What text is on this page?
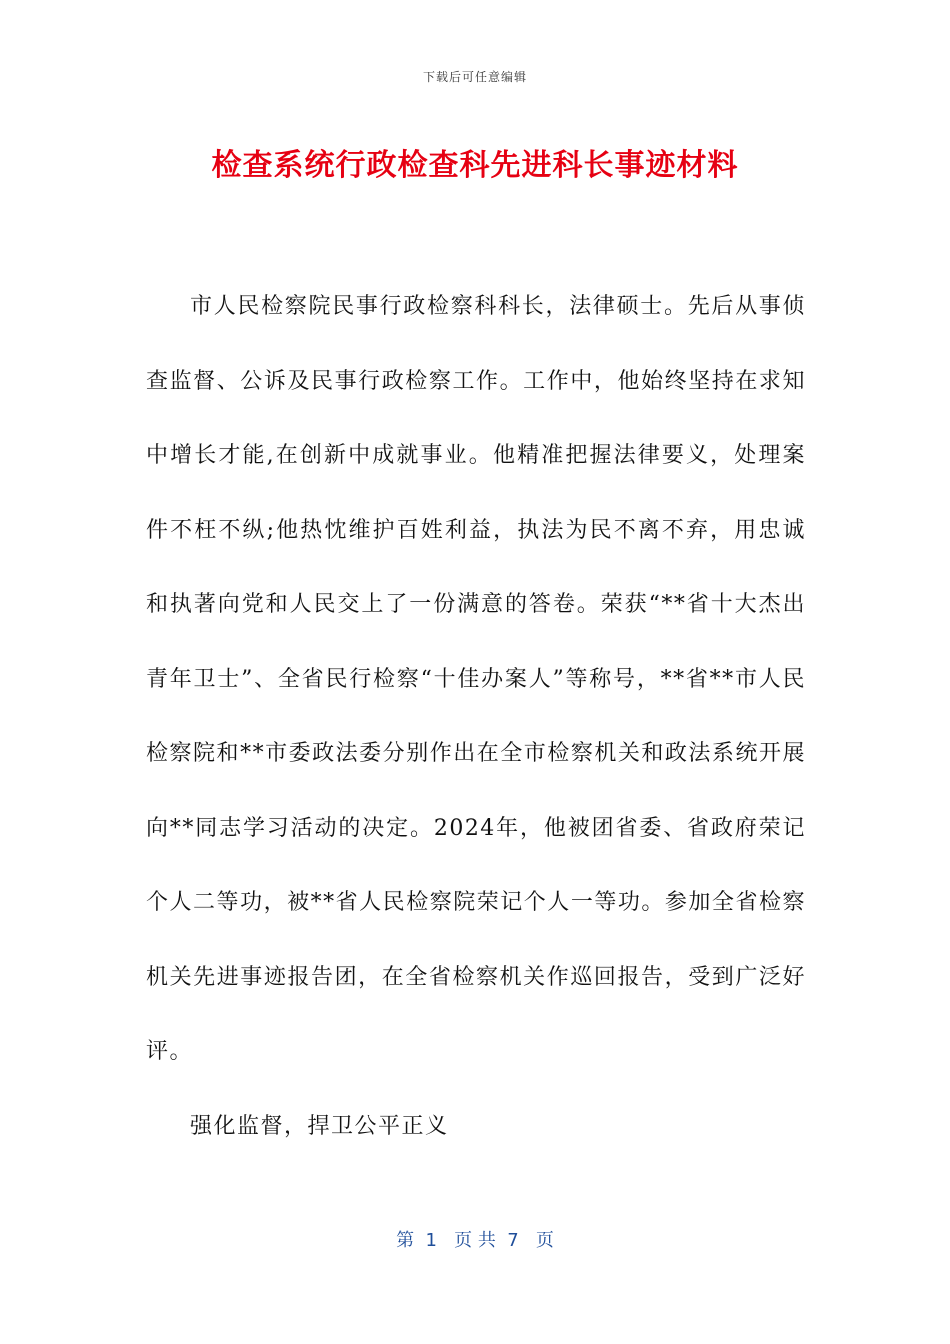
下载后可任意编辑
检查系统行政检查科先进科长事迹材料

市人民检察院民事行政检察科科长，法律硕士。先后从事侦查监督、公诉及民事行政检察工作。工作中，他始终坚持在求知中增长才能,在创新中成就事业。他精准把握法律要义，处理案件不枉不纵;他热忱维护百姓利益，执法为民不离不弃，用忠诚和执著向党和人民交上了一份满意的答卷。荣获“**省十大杰出青年卫士”、全省民行检察“十佳办案人”等称号，**省**市人民检察院和**市委政法委分别作出在全市检察机关和政法系统开展向**同志学习活动的决定。2024年，他被团省委、省政府荣记个人二等功，被**省人民检察院荣记个人一等功。参加全省检察机关先进事迹报告团，在全省检察机关作巡回报告，受到广泛好评。

强化监督，捍卫公平正义

第  1   页 共  7   页
